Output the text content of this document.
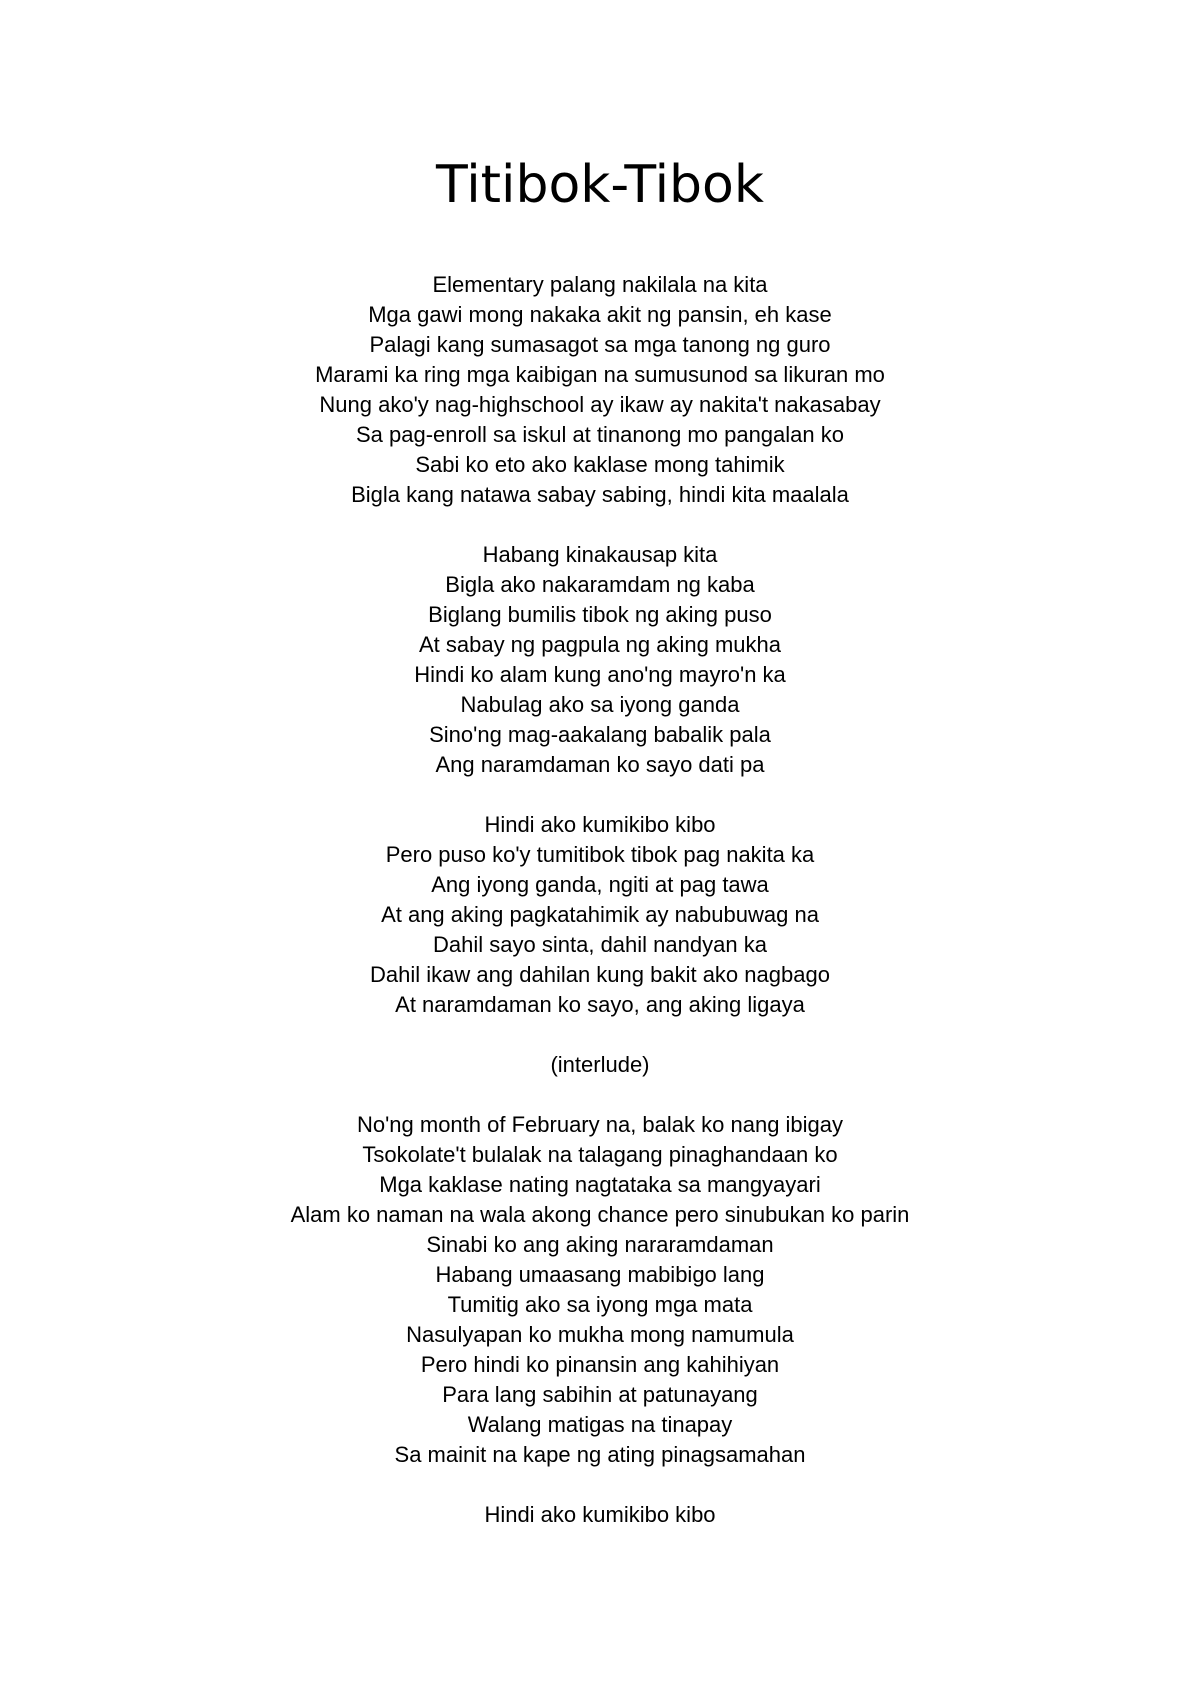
Titibok-Tibok
Elementary palang nakilala na kita
Mga gawi mong nakaka akit ng pansin, eh kase
Palagi kang sumasagot sa mga tanong ng guro
Marami ka ring mga kaibigan na sumusunod sa likuran mo
Nung ako'y nag-highschool ay ikaw ay nakita't nakasabay
Sa pag-enroll sa iskul at tinanong mo pangalan ko
Sabi ko eto ako kaklase mong tahimik
Bigla kang natawa sabay sabing, hindi kita maalala
Habang kinakausap kita
Bigla ako nakaramdam ng kaba
Biglang bumilis tibok ng aking puso
At sabay ng pagpula ng aking mukha
Hindi ko alam kung ano'ng mayro'n ka
Nabulag ako sa iyong ganda
Sino'ng mag-aakalang babalik pala
Ang naramdaman ko sayo dati pa
Hindi ako kumikibo kibo
Pero puso ko'y tumitibok tibok pag nakita ka
Ang iyong ganda, ngiti at pag tawa
At ang aking pagkatahimik ay nabubuwag na
Dahil sayo sinta, dahil nandyan ka
Dahil ikaw ang dahilan kung bakit ako nagbago
At naramdaman ko sayo, ang aking ligaya
(interlude)
No'ng month of February na, balak ko nang ibigay
Tsokolate't bulalak na talagang pinaghandaan ko
Mga kaklase nating nagtataka sa mangyayari
Alam ko naman na wala akong chance pero sinubukan ko parin
Sinabi ko ang aking nararamdaman
Habang umaasang mabibigo lang
Tumitig ako sa iyong mga mata
Nasulyapan ko mukha mong namumula
Pero hindi ko pinansin ang kahihiyan
Para lang sabihin at patunayang
Walang matigas na tinapay
Sa mainit na kape ng ating pinagsamahan
Hindi ako kumikibo kibo
